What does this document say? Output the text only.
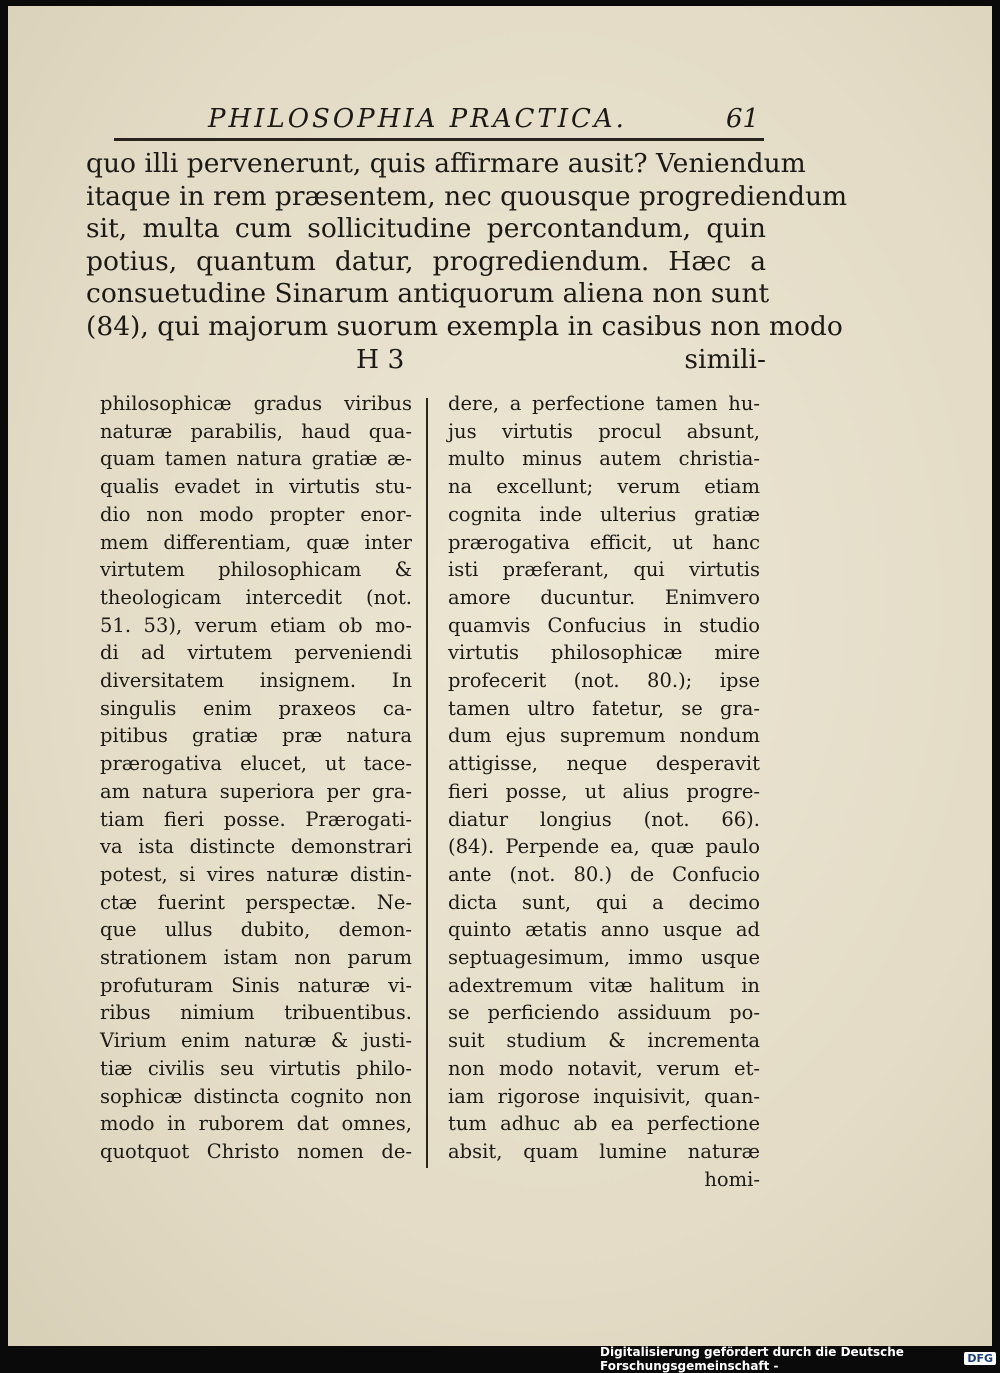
PHILOSOPHIA PRACTICA.	61
quo illi pervenerunt, quis affirmare ausit? Veniendum
itaque in rem præsentem, nec quousque progrediendum
sit, multa cum sollicitudine percontandum, quin
potius, quantum datur, progrediendum. Hæc a
consuetudine Sinarum antiquorum aliena non sunt
(84), qui majorum suorum exempla in casibus non modo
H 3	simili-
philosophicæ gradus viribus
naturæ parabilis, haud qua-
quam tamen natura gratiæ æ-
qualis evadet in virtutis stu-
dio non modo propter enor-
mem differentiam, quæ inter
virtutem philosophicam &
theologicam intercedit (not.
51. 53), verum etiam ob mo-
di ad virtutem perveniendi
diversitatem insignem. In
singulis enim praxeos ca-
pitibus gratiæ præ natura
prærogativa elucet, ut tace-
am natura superiora per gra-
tiam fieri posse. Prærogati-
va ista distincte demonstrari
potest, si vires naturæ distin-
ctæ fuerint perspectæ. Ne-
que ullus dubito, demon-
strationem istam non parum
profuturam Sinis naturæ vi-
ribus nimium tribuentibus.
Virium enim naturæ & justi-
tiæ civilis seu virtutis philo-
sophicæ distincta cognito non
modo in ruborem dat omnes,
quotquot Christo nomen de-
dere, a perfectione tamen hu-
jus virtutis procul absunt,
multo minus autem christia-
na excellunt; verum etiam
cognita inde ulterius gratiæ
prærogativa efficit, ut hanc
isti præferant, qui virtutis
amore ducuntur. Enimvero
quamvis Confucius in studio
virtutis philosophicæ mire
profecerit (not. 80.); ipse
tamen ultro fatetur, se gra-
dum ejus supremum nondum
attigisse, neque desperavit
fieri posse, ut alius progre-
diatur longius (not. 66).
(84). Perpende ea, quæ paulo
ante (not. 80.) de Confucio
dicta sunt, qui a decimo
quinto ætatis anno usque ad
septuagesimum, immo usque
adextremum vitæ halitum in
se perficiendo assiduum po-
suit studium & incrementa
non modo notavit, verum et-
iam rigorose inquisivit, quan-
tum adhuc ab ea perfectione
absit, quam lumine naturæ
homi-
Digitalisierung gefördert durch die Deutsche Forschungsgemeinschaft -	DFG
